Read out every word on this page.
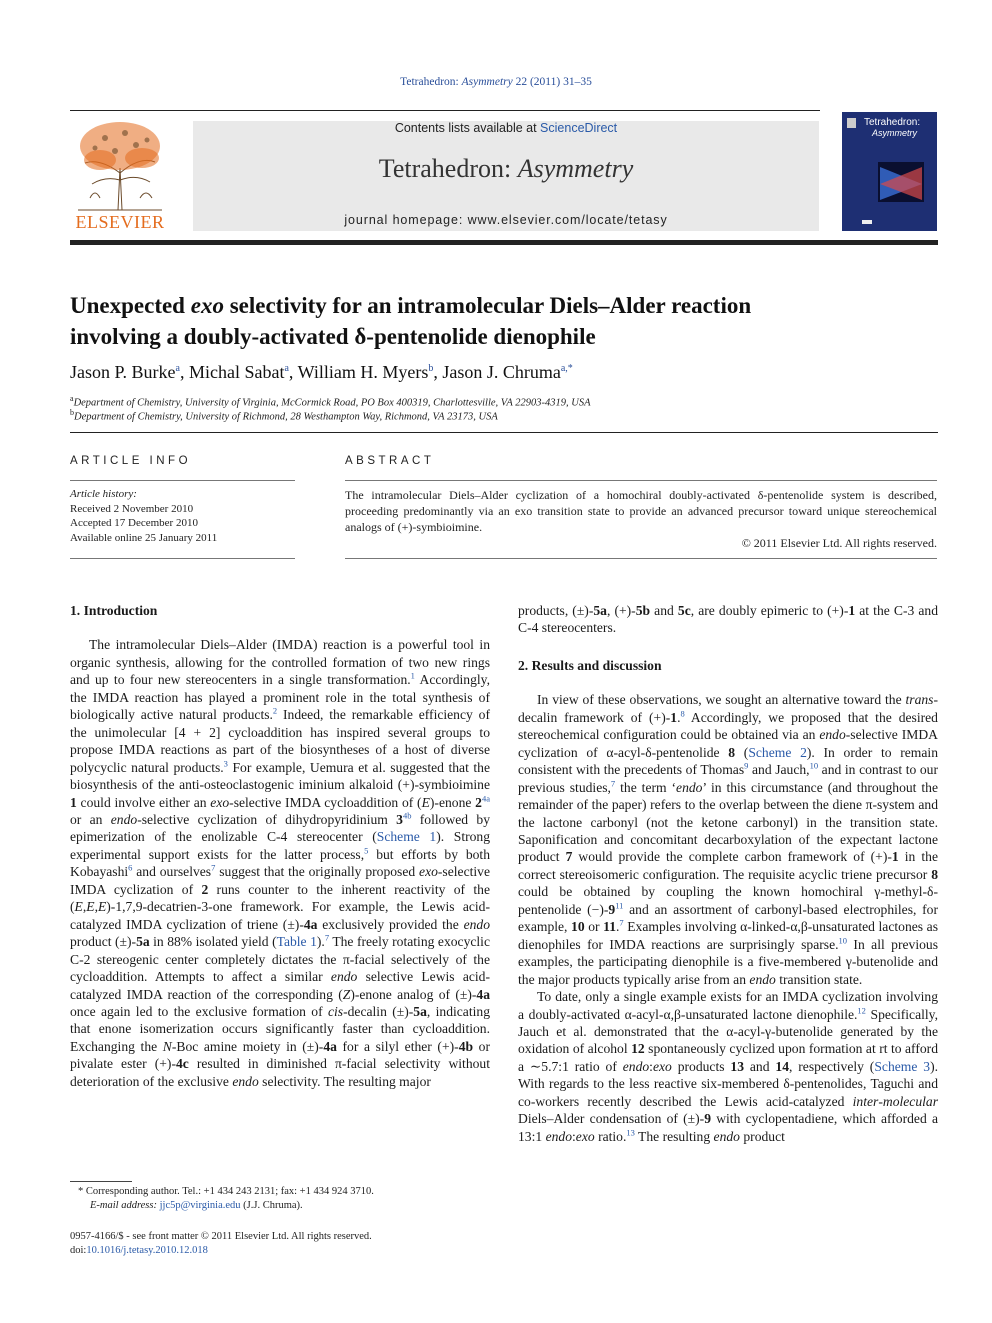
Tetrahedron: Asymmetry 22 (2011) 31–35
ELSEVIER
Contents lists available at ScienceDirect
Tetrahedron: Asymmetry
journal homepage: www.elsevier.com/locate/tetasy
Tetrahedron:
Asymmetry
Unexpected exo selectivity for an intramolecular Diels–Alder reaction
involving a doubly-activated δ-pentenolide dienophile
Jason P. Burke$^a$, Michal Sabat$^a$, William H. Myers$^b$, Jason J. Chruma$^{a,*}$
$^a$Department of Chemistry, University of Virginia, McCormick Road, PO Box 400319, Charlottesville, VA 22903-4319, USA
$^b$Department of Chemistry, University of Richmond, 28 Westhampton Way, Richmond, VA 23173, USA
ARTICLE INFO
Article history:
Received 2 November 2010
Accepted 17 December 2010
Available online 25 January 2011
ABSTRACT
The intramolecular Diels–Alder cyclization of a homochiral doubly-activated δ-pentenolide system is described, proceeding predominantly via an exo transition state to provide an advanced precursor toward unique stereochemical analogs of (+)-symbioimine.
© 2011 Elsevier Ltd. All rights reserved.
1. Introduction

The intramolecular Diels–Alder (IMDA) reaction is a powerful tool in organic synthesis, allowing for the controlled formation of two new rings and up to four new stereocenters in a single transformation.$^1$ Accordingly, the IMDA reaction has played a prominent role in the total synthesis of biologically active natural products.$^2$ Indeed, the remarkable efficiency of the unimolecular [4 + 2] cycloaddition has inspired several groups to propose IMDA reactions as part of the biosyntheses of a host of diverse polycyclic natural products.$^3$ For example, Uemura et al. suggested that the biosynthesis of the anti-osteoclastogenic iminium alkaloid (+)-symbioimine 1 could involve either an exo-selective IMDA cycloaddition of (E)-enone $2^{4a}$ or an endo-selective cyclization of dihydropyridinium $3^{4b}$ followed by epimerization of the enolizable C-4 stereocenter (Scheme 1). Strong experimental support exists for the latter process,$^5$ but efforts by both Kobayashi$^6$ and ourselves$^7$ suggest that the originally proposed exo-selective IMDA cyclization of 2 runs counter to the inherent reactivity of the (E,E,E)-1,7,9-decatrien-3-one framework. For example, the Lewis acid-catalyzed IMDA cyclization of triene (±)-4a exclusively provided the endo product (±)-5a in 88% isolated yield (Table 1).$^7$ The freely rotating exocyclic C-2 stereogenic center completely dictates the π-facial selectively of the cycloaddition. Attempts to affect a similar endo selective Lewis acid-catalyzed IMDA reaction of the corresponding (Z)-enone analog of (±)-4a once again led to the exclusive formation of cis-decalin (±)-5a, indicating that enone isomerization occurs significantly faster than cycloaddition. Exchanging the N-Boc amine moiety in (±)-4a for a silyl ether (+)-4b or pivalate ester (+)-4c resulted in diminished π-facial selectivity without deterioration of the exclusive endo selectivity. The resulting major

products, (±)-5a, (+)-5b and 5c, are doubly epimeric to (+)-1 at the C-3 and C-4 stereocenters.

2. Results and discussion

In view of these observations, we sought an alternative toward the trans-decalin framework of (+)-1.$^8$ Accordingly, we proposed that the desired stereochemical configuration could be obtained via an endo-selective IMDA cyclization of α-acyl-δ-pentenolide 8 (Scheme 2). In order to remain consistent with the precedents of Thomas$^9$ and Jauch,$^{10}$ and in contrast to our previous studies,$^7$ the term ‘endo’ in this circumstance (and throughout the remainder of the paper) refers to the overlap between the diene π-system and the lactone carbonyl (not the ketone carbonyl) in the transition state. Saponification and concomitant decarboxylation of the expectant lactone product 7 would provide the complete carbon framework of (+)-1 in the correct stereoisomeric configuration. The requisite acyclic triene precursor 8 could be obtained by coupling the known homochiral γ-methyl-δ-pentenolide $(-)-9^{11}$ and an assortment of carbonyl-based electrophiles, for example, 10 or 11.$^7$ Examples involving α-linked-α,β-unsaturated lactones as dienophiles for IMDA reactions are surprisingly sparse.$^{10}$ In all previous examples, the participating dienophile is a five-membered γ-butenolide and the major products typically arise from an endo transition state.

To date, only a single example exists for an IMDA cyclization involving a doubly-activated α-acyl-α,β-unsaturated lactone dienophile.$^{12}$ Specifically, Jauch et al. demonstrated that the α-acyl-γ-butenolide generated by the oxidation of alcohol 12 spontaneously cyclized upon formation at rt to afford a ∼5.7:1 ratio of endo:exo products 13 and 14, respectively (Scheme 3). With regards to the less reactive six-membered δ-pentenolides, Taguchi and co-workers recently described the Lewis acid-catalyzed inter-molecular Diels–Alder condensation of (±)-9 with cyclopentadiene, which afforded a 13:1 endo:exo ratio.$^{13}$ The resulting endo product

* Corresponding author. Tel.: +1 434 243 2131; fax: +1 434 924 3710.
E-mail address: jjc5p@virginia.edu (J.J. Chruma).
0957-4166/$ - see front matter © 2011 Elsevier Ltd. All rights reserved.
doi:10.1016/j.tetasy.2010.12.018
